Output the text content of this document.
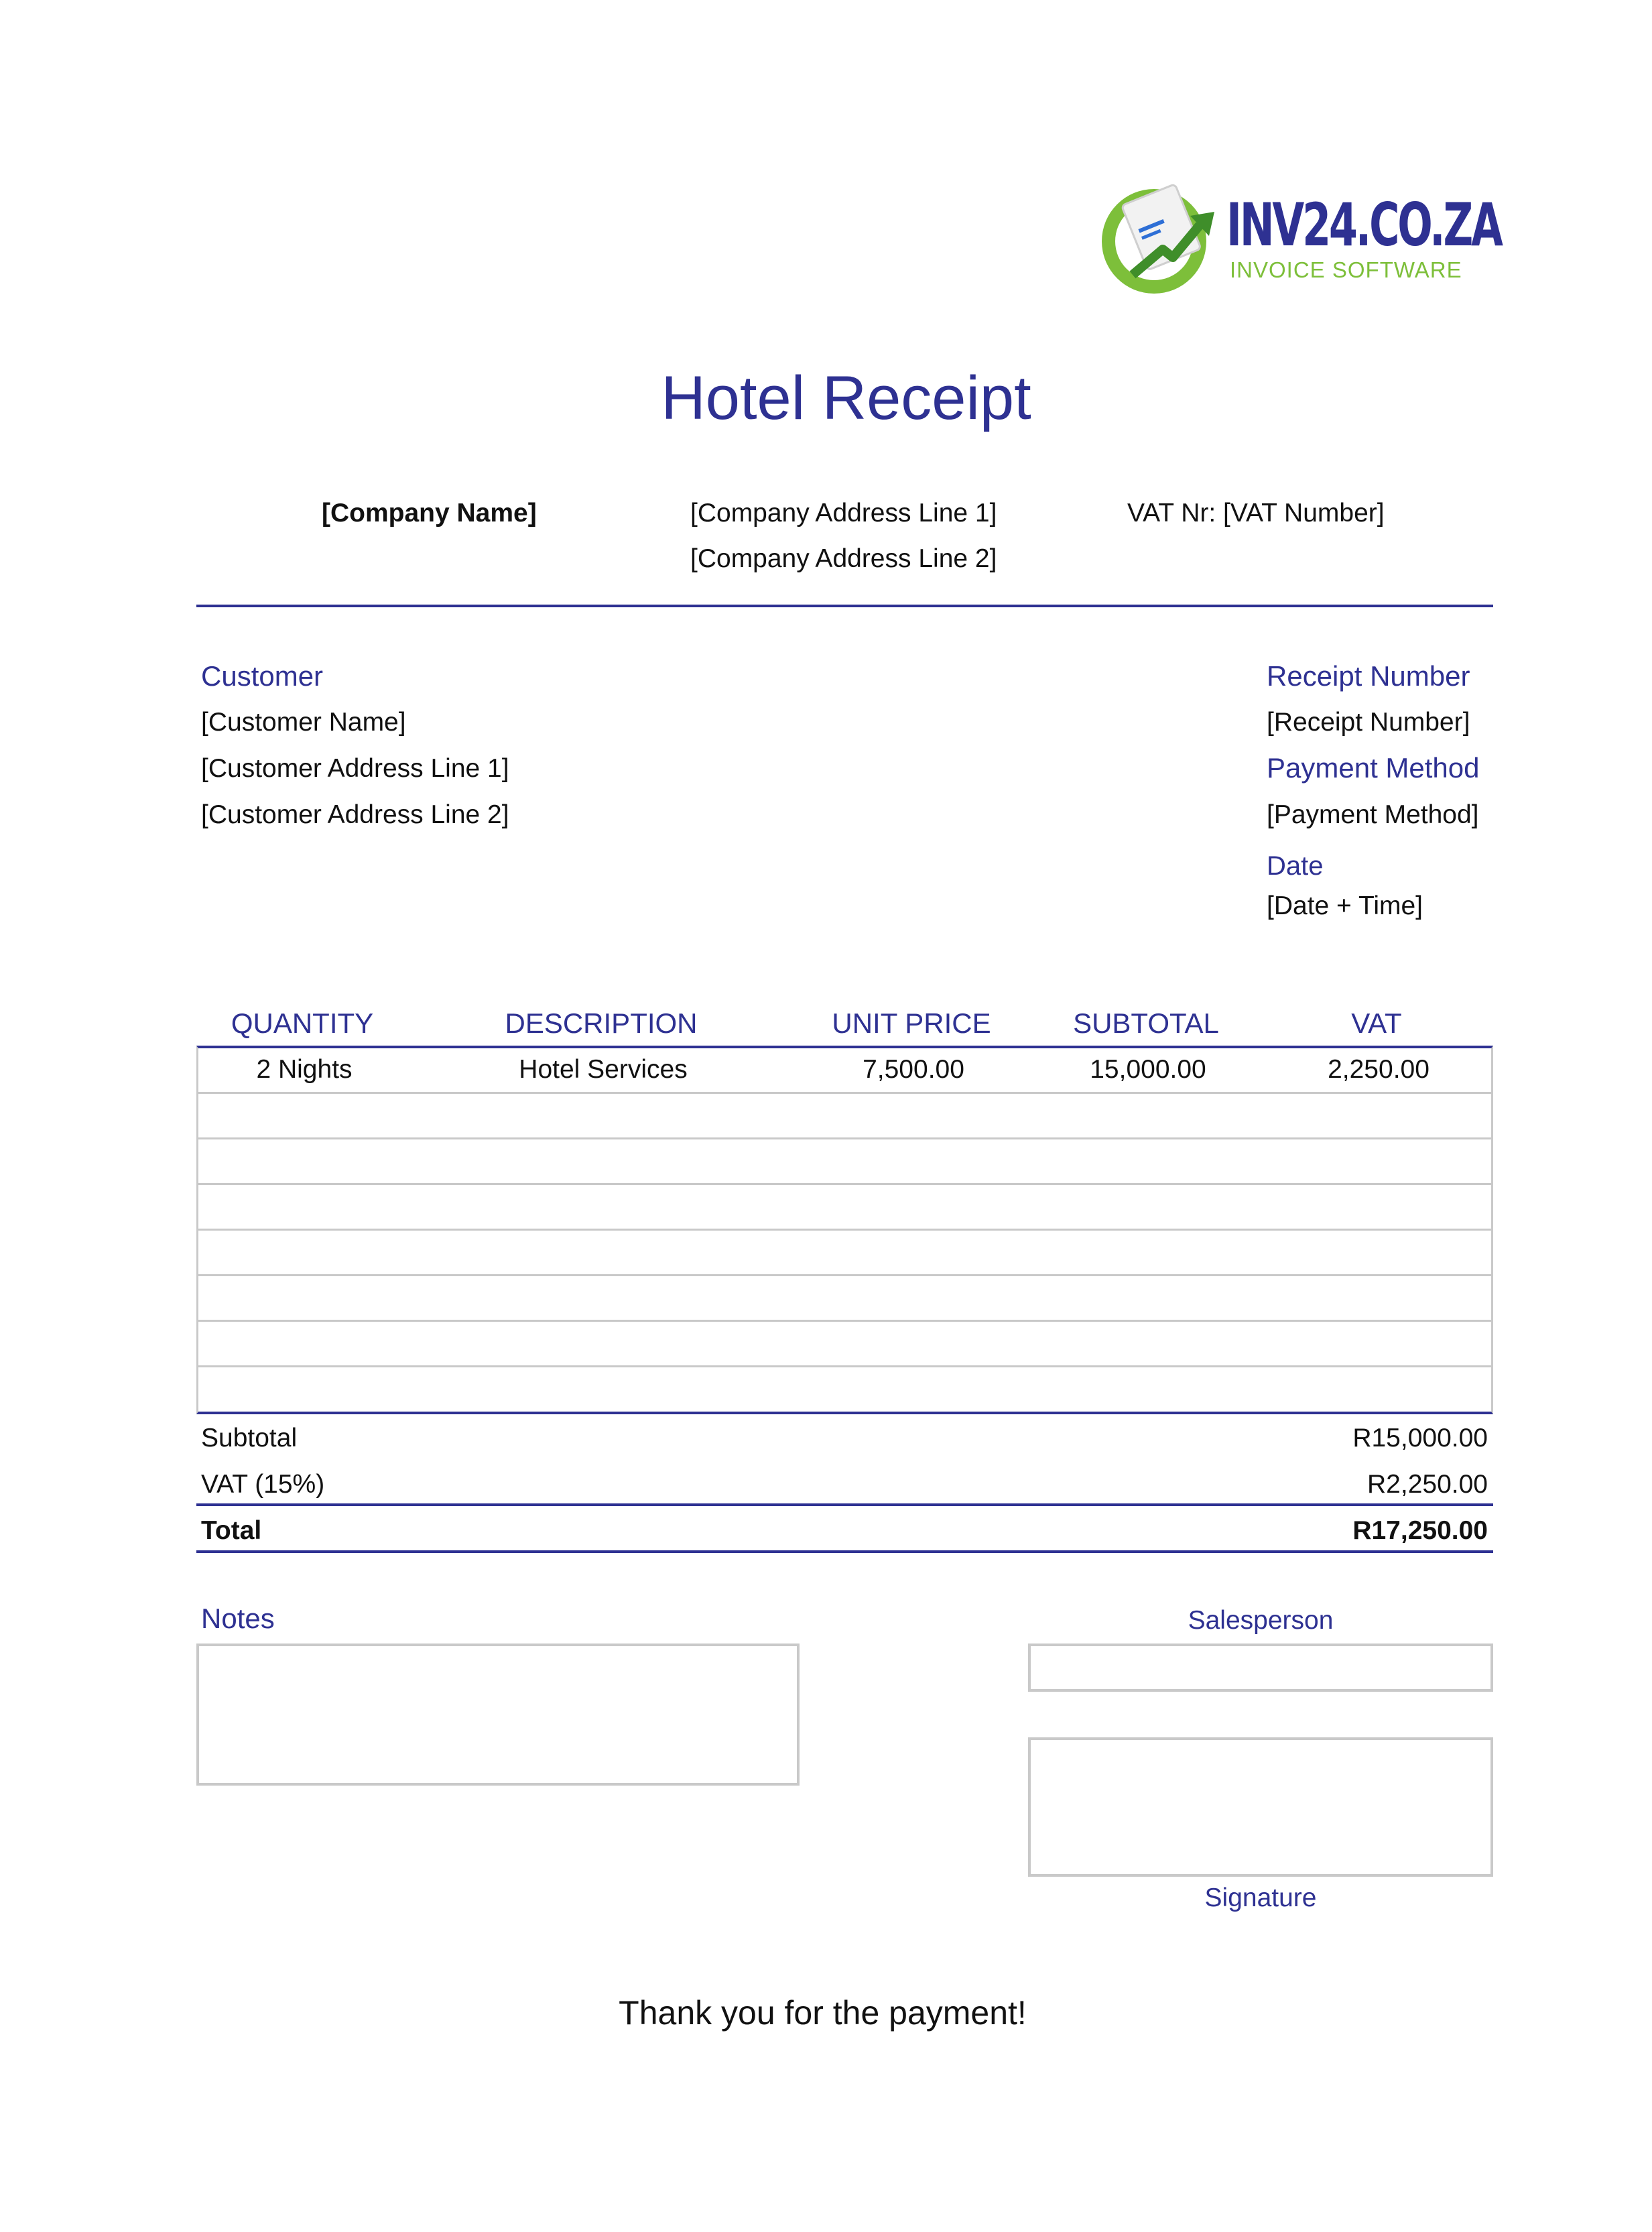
INV24.CO.ZA
INVOICE SOFTWARE
Hotel Receipt
[Company Name]	[Company Address Line 1]
[Company Address Line 2]
VAT Nr: [VAT Number]
Customer
[Customer Name]
[Customer Address Line 1]
[Customer Address Line 2]
Receipt Number
[Receipt Number]
Payment Method
[Payment Method]
Date
[Date + Time]
QUANTITY	DESCRIPTION	UNIT PRICE	SUBTOTAL	VAT
2 Nights	Hotel Services	7,500.00	15,000.00	2,250.00
Subtotal	R15,000.00
VAT (15%)	R2,250.00
Total	R17,250.00
Notes	Salesperson
Signature
Thank you for the payment!
